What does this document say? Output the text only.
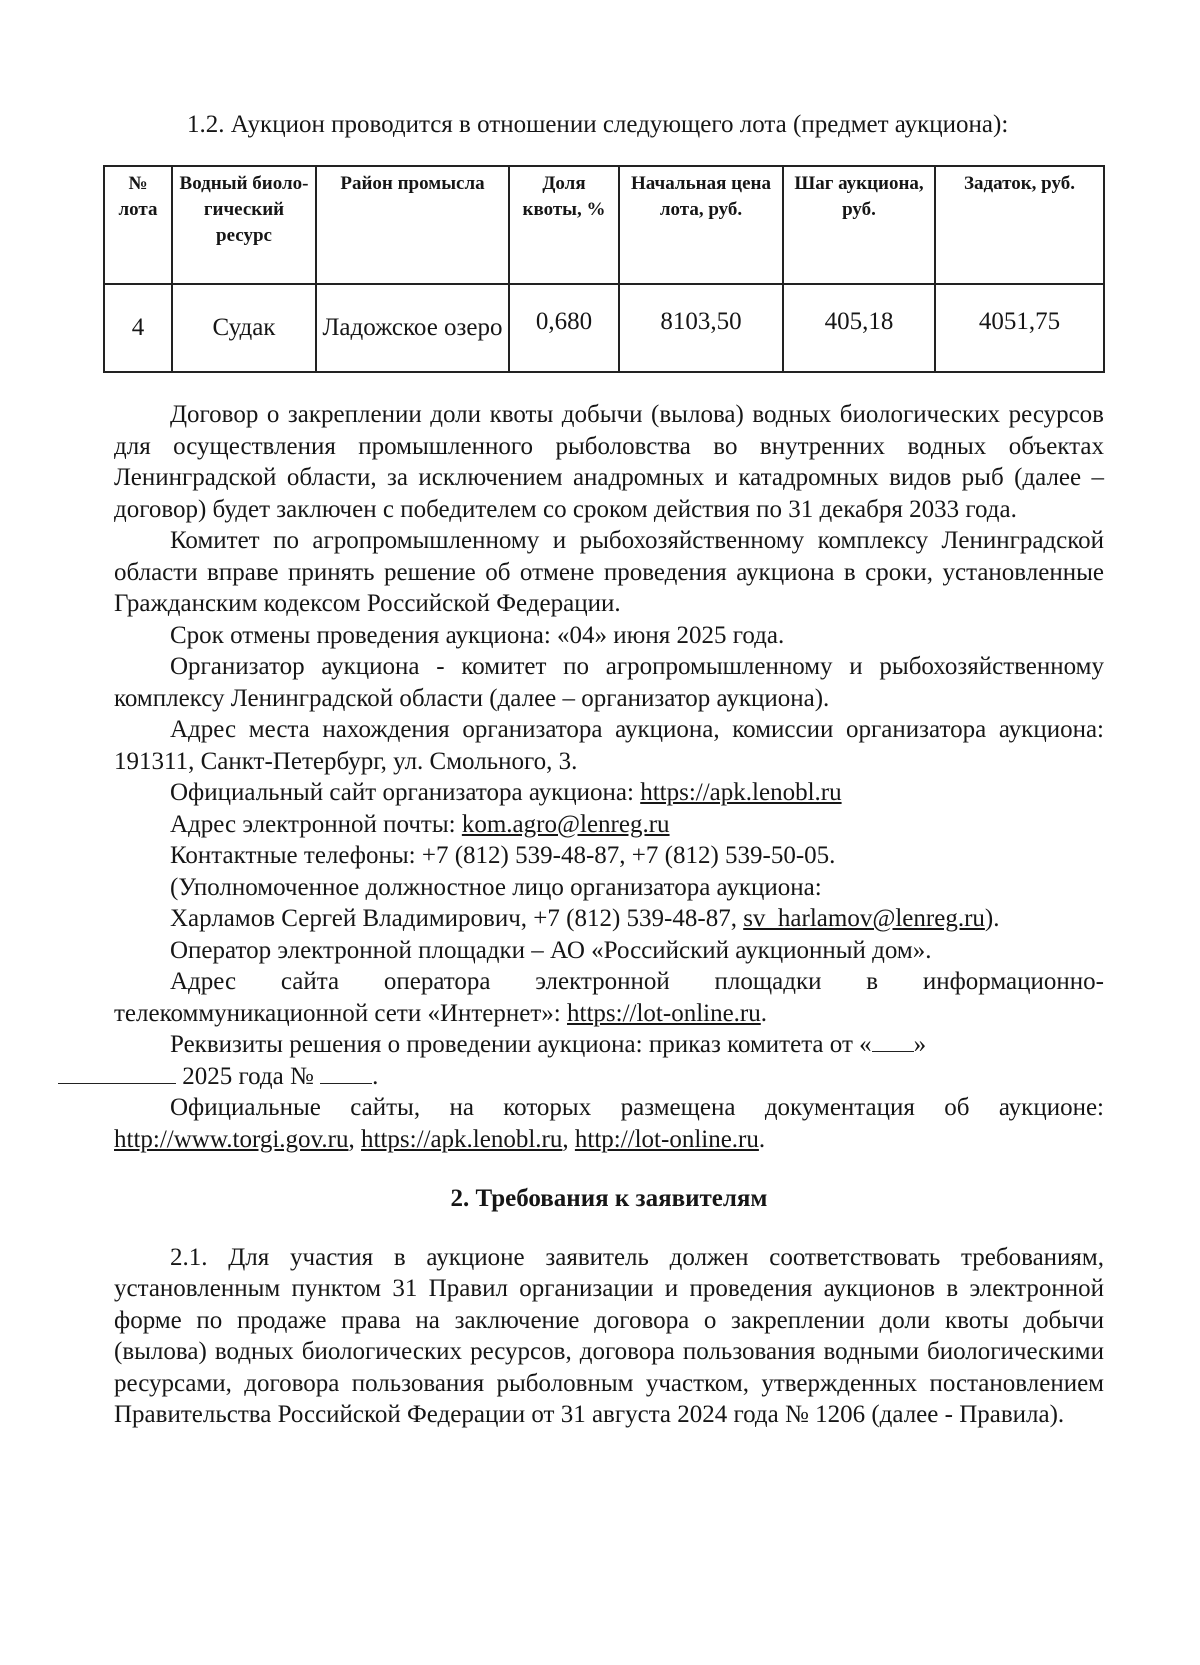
1.2. Аукцион проводится в отношении следующего лота (предмет аукциона):
№ лота	Водный биоло-гический ресурс	Район промысла	Доля квоты, %	Начальная цена лота, руб.	Шаг аукциона, руб.	Задаток, руб.
4	Судак	Ладожское озеро	0,680	8103,50	405,18	4051,75

Договор о закреплении доли квоты добычи (вылова) водных биологических ресурсов для осуществления промышленного рыболовства во внутренних водных объектах Ленинградской области, за исключением анадромных и катадромных видов рыб (далее – договор) будет заключен с победителем со сроком действия по 31 декабря 2033 года.

Комитет по агропромышленному и рыбохозяйственному комплексу Ленинградской области вправе принять решение об отмене проведения аукциона в сроки, установленные Гражданским кодексом Российской Федерации.

Срок отмены проведения аукциона: «04» июня 2025 года.

Организатор аукциона - комитет по агропромышленному и рыбохозяйственному комплексу Ленинградской области (далее – организатор аукциона).

Адрес места нахождения организатора аукциона, комиссии организатора аукциона: 191311, Санкт-Петербург, ул. Смольного, 3.

Официальный сайт организатора аукциона: https://apk.lenobl.ru

Адрес электронной почты: kom.agro@lenreg.ru

Контактные телефоны: +7 (812) 539-48-87, +7 (812) 539-50-05.

(Уполномоченное должностное лицо организатора аукциона:

Харламов Сергей Владимирович, +7 (812) 539-48-87, sv_harlamov@lenreg.ru).

Оператор электронной площадки – АО «Российский аукционный дом».

Адрес сайта оператора электронной площадки в информационно-телекоммуникационной сети «Интернет»: https://lot-online.ru.

Реквизиты решения о проведении аукциона: приказ комитета от « »
2025 года № .

Официальные сайты, на которых размещена документация об аукционе: http://www.torgi.gov.ru, https://apk.lenobl.ru, http://lot-online.ru.

2. Требования к заявителям

2.1. Для участия в аукционе заявитель должен соответствовать требованиям, установленным пунктом 31 Правил организации и проведения аукционов в электронной форме по продаже права на заключение договора о закреплении доли квоты добычи (вылова) водных биологических ресурсов, договора пользования водными биологическими ресурсами, договора пользования рыболовным участком, утвержденных постановлением Правительства Российской Федерации от 31 августа 2024 года № 1206 (далее - Правила).
